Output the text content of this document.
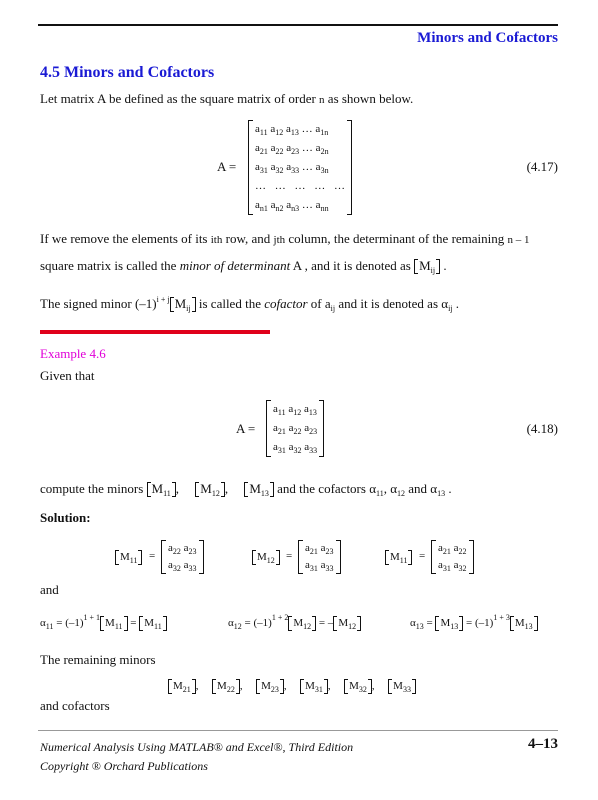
Minors and Cofactors
4.5 Minors and Cofactors
Let matrix A be defined as the square matrix of order n as shown below.
A =
$a_{11}$ $a_{12}$ $a_{13}$ … $a_{1n}$
$a_{21}$ $a_{22}$ $a_{23}$ … $a_{2n}$
$a_{31}$ $a_{32}$ $a_{33}$ … $a_{3n}$
… … … … …
$a_{n1}$ $a_{n2}$ $a_{n3}$ … $a_{nn}$
(4.17)
If we remove the elements of its ith row, and jth column, the determinant of the remaining n – 1
square matrix is called the minor of determinant A , and it is denoted as $M_{ij}$ .
The signed minor $(-1)^{i + j}$ $M_{ij}$ is called the cofactor of $a_{ij}$ and it is denoted as $\alpha_{ij}$ .
Example 4.6
Given that
A =
$a_{11}$ $a_{12}$ $a_{13}$
$a_{21}$ $a_{22}$ $a_{23}$
$a_{31}$ $a_{32}$ $a_{33}$
(4.18)
compute the minors $M_{11}$ , $M_{12}$ , $M_{13}$ and the cofactors $\alpha_{11}$, $\alpha_{12}$ and $\alpha_{13}$ .
Solution:
$M_{11}$	=
$a_{22}$ $a_{23}$
$a_{32}$ $a_{33}$
$M_{12}$	=
$a_{21}$ $a_{23}$
$a_{31}$ $a_{33}$
$M_{11}$	=
$a_{21}$ $a_{22}$
$a_{31}$ $a_{32}$
and
$\alpha_{11} = (-1)^{1 + 1}$ $M_{11} = M_{11}$	$\alpha_{12} = (-1)^{1 + 2}$ $M_{12}$ = – $M_{12}$	$\alpha_{13} = M_{13} = (-1)^{1 + 3}$ $M_{13}$
The remaining minors
$M_{21}$ ,  $M_{22}$ ,  $M_{23}$ ,  $M_{31}$ ,  $M_{32}$ ,  $M_{33}$
and cofactors
Numerical Analysis Using MATLAB® and Excel®, Third Edition	4–13
Copyright ® Orchard Publications
